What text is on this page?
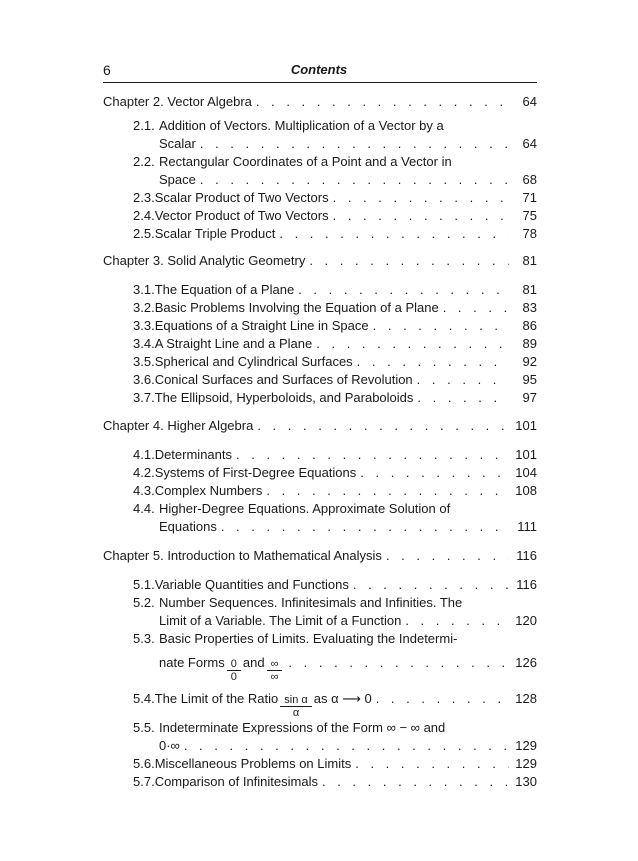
6	Contents
Chapter 2. Vector Algebra . . .	64
2.1. Addition of Vectors. Multiplication of a Vector by a
Scalar . . .	64
2.2. Rectangular Coordinates of a Point and a Vector in
Space . . .	68
2.3. Scalar Product of Two Vectors . . .	71
2.4. Vector Product of Two Vectors . . .	75
2.5. Scalar Triple Product . . .	78
Chapter 3. Solid Analytic Geometry . . .	81
3.1. The Equation of a Plane . . .	81
3.2. Basic Problems Involving the Equation of a Plane . . .	83
3.3. Equations of a Straight Line in Space . . .	86
3.4. A Straight Line and a Plane . . .	89
3.5. Spherical and Cylindrical Surfaces . . .	92
3.6. Conical Surfaces and Surfaces of Revolution . . .	95
3.7. The Ellipsoid, Hyperboloids, and Paraboloids . . .	97
Chapter 4. Higher Algebra . . .	101
4.1. Determinants . . .	101
4.2. Systems of First-Degree Equations . . .	104
4.3. Complex Numbers . . .	108
4.4. Higher-Degree Equations. Approximate Solution of
Equations . . .	111
Chapter 5. Introduction to Mathematical Analysis . . .	116
5.1. Variable Quantities and Functions . . .	116
5.2. Number Sequences. Infinitesimals and Infinities. The
Limit of a Variable. The Limit of a Function . . .	120
5.3. Basic Properties of Limits. Evaluating the Indetermi-
nate Forms $\frac{0}{0}$ and $\frac{\infty}{\infty}$ . . .	126
5.4. The Limit of the Ratio $\frac{\text{sin α}}{\alpha}$ as α ⟶ 0 . . .	128
5.5. Indeterminate Expressions of the Form ∞ − ∞ and
0·∞ . . .	129
5.6. Miscellaneous Problems on Limits . . .	129
5.7. Comparison of Infinitesimals . . .	130
